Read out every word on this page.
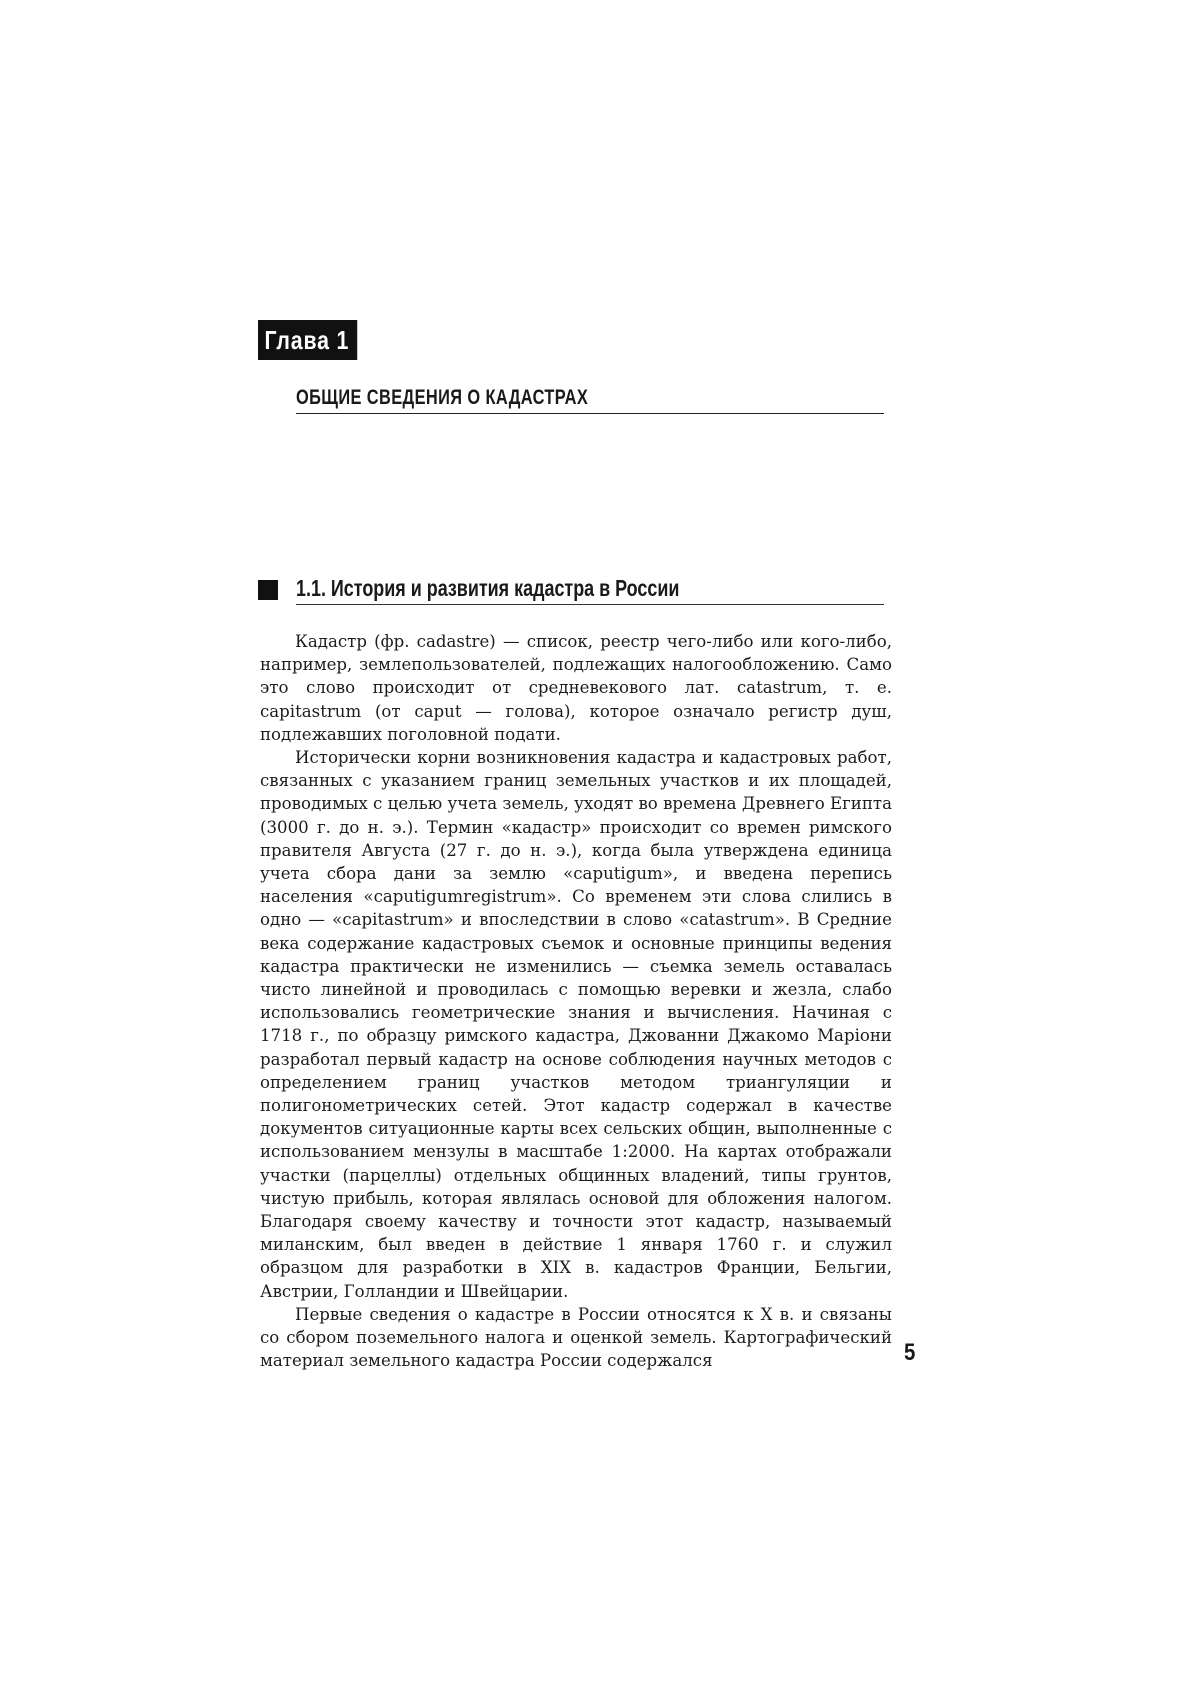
Глава 1
ОБЩИЕ СВЕДЕНИЯ О КАДАСТРАХ
1.1. История и развития кадастра в России

Кадастр (фр. cadastre) — список, реестр чего-либо или кого-либо, например, землепользователей, подлежащих налогообложению. Само это слово происходит от средневекового лат. catastrum, т. е. capitastrum (от caput — голова), которое означало регистр душ, подлежавших поголовной подати.

Исторически корни возникновения кадастра и кадастровых работ, связанных с указанием границ земельных участков и их площадей, проводимых с целью учета земель, уходят во времена Древнего Египта (3000 г. до н. э.). Термин «кадастр» происходит со времен римского правителя Августа (27 г. до н. э.), когда была утверждена единица учета сбора дани за землю «caputigum», и введена перепись населения «caputigumregistrum». Со временем эти слова слились в одно — «capitastrum» и впоследствии в слово «catastrum». В Средние века содержание кадастровых съемок и основные принципы ведения кадастра практически не изменились — съемка земель оставалась чисто линейной и проводилась с помощью веревки и жезла, слабо использовались геометрические знания и вычисления. Начиная с 1718 г., по образцу римского кадастра, Джованни Джакомо Марioни разработал первый кадастр на основе соблюдения научных методов с определением границ участков методом триангуляции и полигонометрических сетей. Этот кадастр содержал в качестве документов ситуационные карты всех сельских общин, выполненные с использованием мензулы в масштабе 1:2000. На картах отображали участки (парцеллы) отдельных общинных владений, типы грунтов, чистую прибыль, которая являлась основой для обложения налогом. Благодаря своему качеству и точности этот кадастр, называемый миланским, был введен в действие 1 января 1760 г. и служил образцом для разработки в XIX в. кадастров Франции, Бельгии, Австрии, Голландии и Швейцарии.

Первые сведения о кадастре в России относятся к X в. и связаны со сбором поземельного налога и оценкой земель. Картографический материал земельного кадастра России содержался	5
